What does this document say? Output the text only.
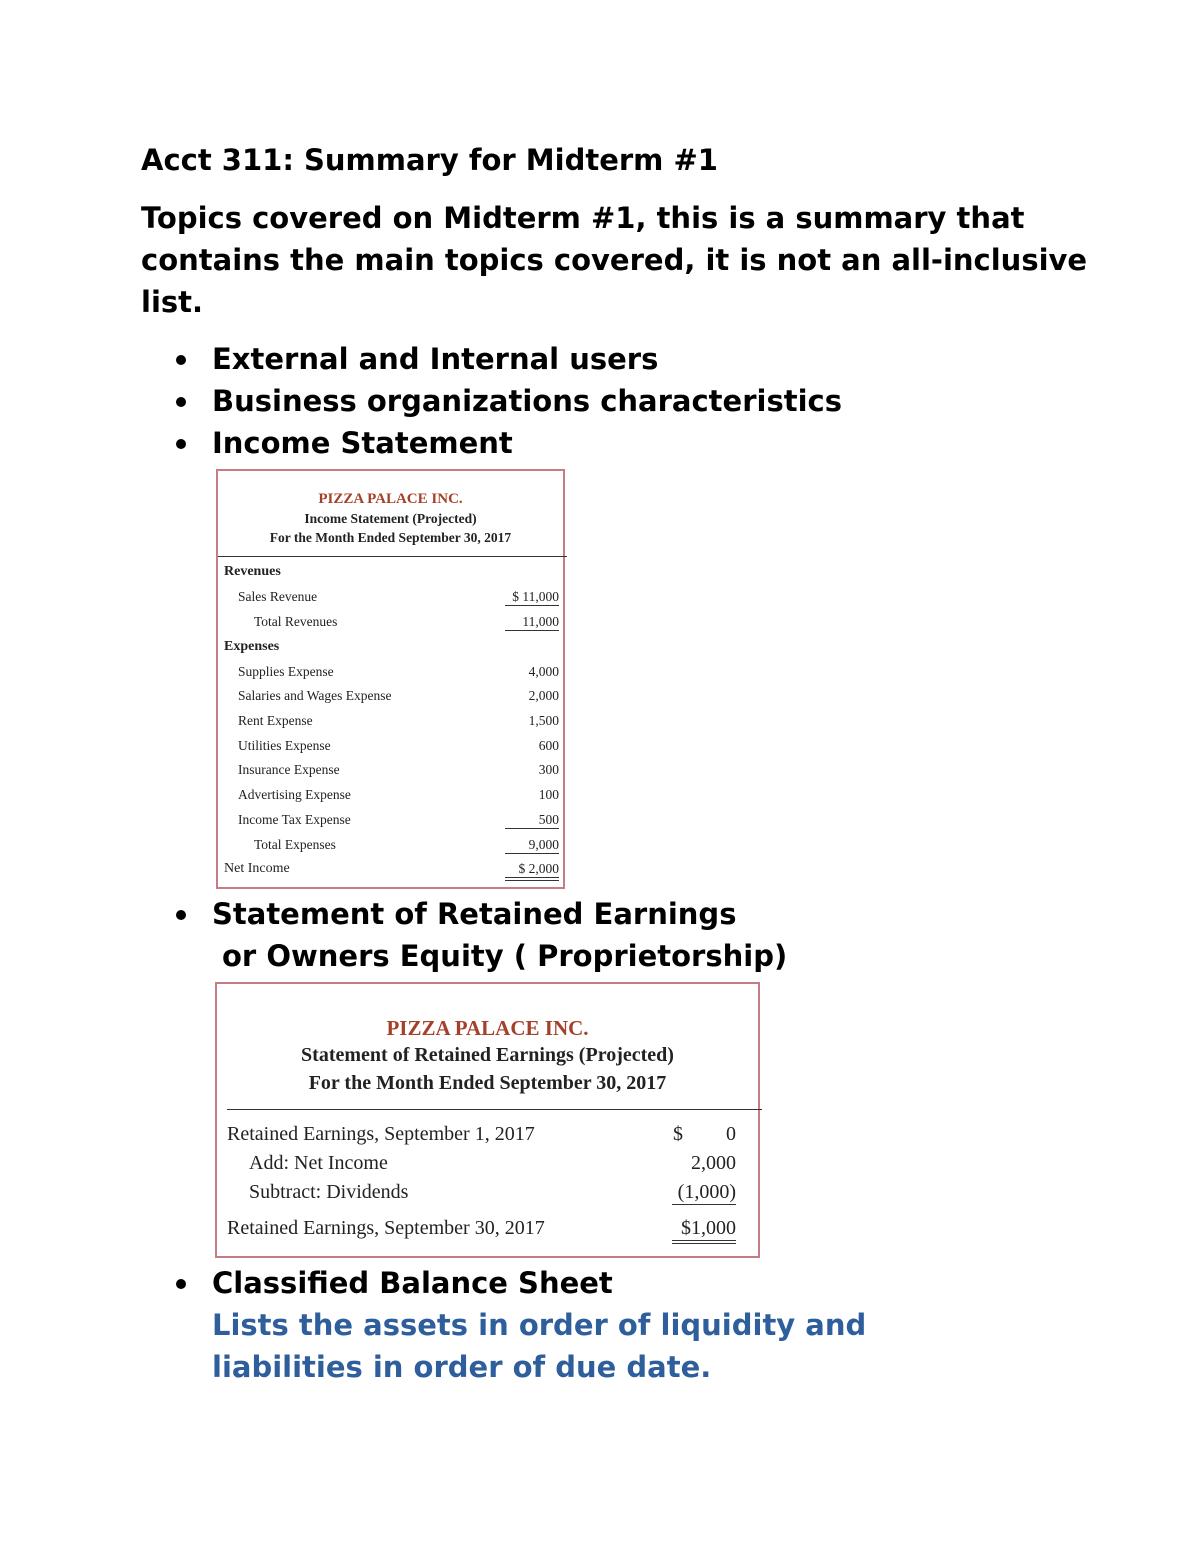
Acct 311: Summary for Midterm #1
Topics covered on Midterm #1, this is a summary that contains the main topics covered, it is not an all-inclusive list.
External and Internal users
Business organizations characteristics
Income Statement
PIZZA PALACE INC.
Income Statement (Projected)
For the Month Ended September 30, 2017
Revenues
Sales Revenue	$ 11,000
Total Revenues	11,000
Expenses
Supplies Expense	4,000
Salaries and Wages Expense	2,000
Rent Expense	1,500
Utilities Expense	600
Insurance Expense	300
Advertising Expense	100
Income Tax Expense	500
Total Expenses	9,000
Net Income	$ 2,000
Statement of Retained Earnings
or Owners Equity ( Proprietorship)
PIZZA PALACE INC.
Statement of Retained Earnings (Projected)
For the Month Ended September 30, 2017
Retained Earnings, September 1, 2017	$	0
Add: Net Income	2,000
Subtract: Dividends	(1,000)
Retained Earnings, September 30, 2017	$1,000
Classified Balance Sheet
Lists the assets in order of liquidity and
liabilities in order of due date.
